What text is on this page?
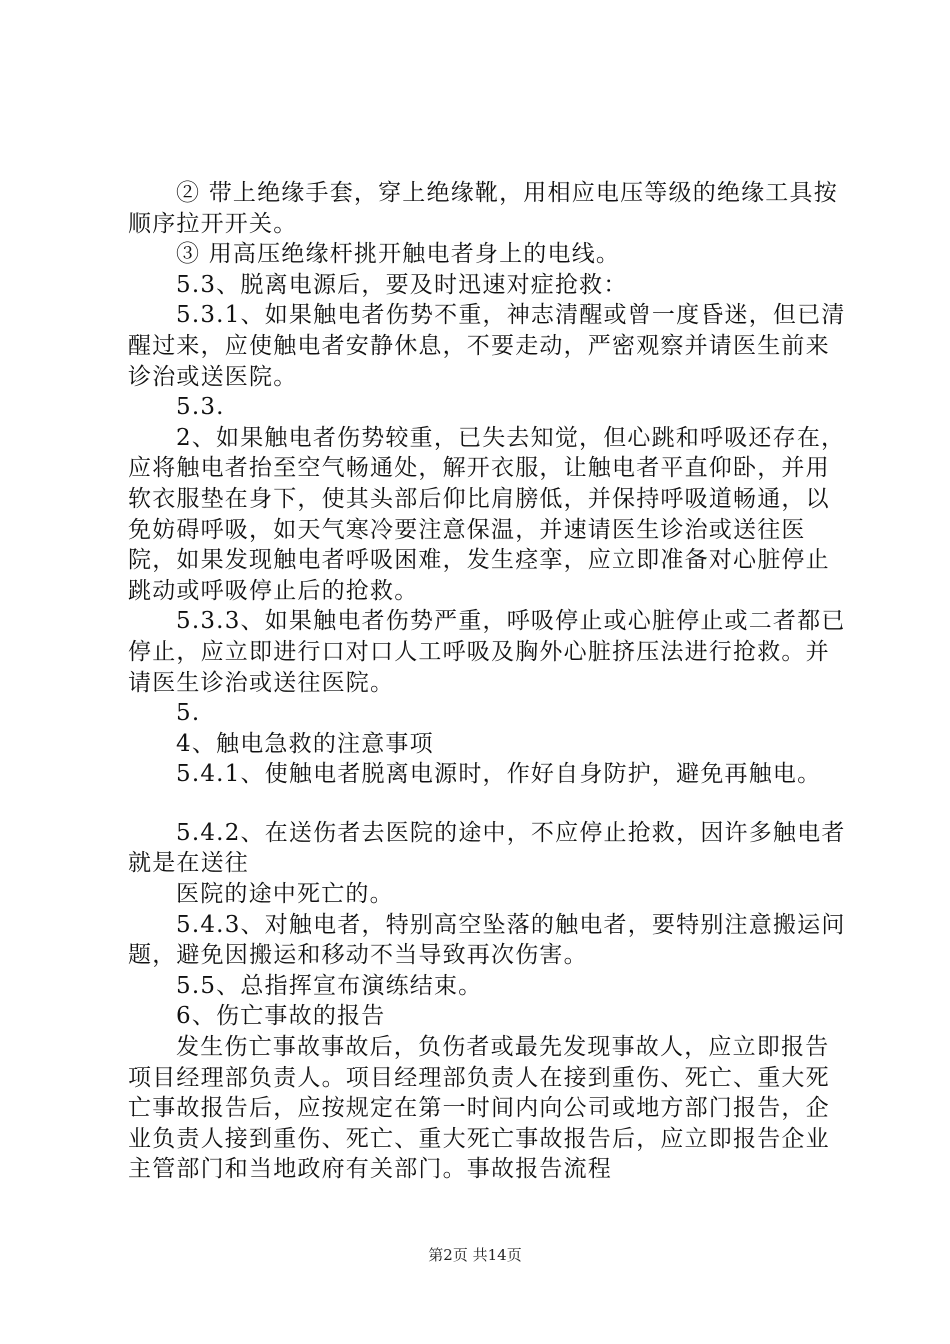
② 带上绝缘手套，穿上绝缘靴，用相应电压等级的绝缘工具按顺序拉开开关。

③ 用高压绝缘杆挑开触电者身上的电线。

5.3、脱离电源后，要及时迅速对症抢救：

5.3.1、如果触电者伤势不重，神志清醒或曾一度昏迷，但已清醒过来，应使触电者安静休息，不要走动，严密观察并请医生前来诊治或送医院。

5.3.

2、如果触电者伤势较重，已失去知觉，但心跳和呼吸还存在，应将触电者抬至空气畅通处，解开衣服，让触电者平直仰卧，并用软衣服垫在身下，使其头部后仰比肩膀低，并保持呼吸道畅通，以免妨碍呼吸，如天气寒冷要注意保温，并速请医生诊治或送往医院，如果发现触电者呼吸困难，发生痉挛，应立即准备对心脏停止跳动或呼吸停止后的抢救。

5.3.3、如果触电者伤势严重，呼吸停止或心脏停止或二者都已停止，应立即进行口对口人工呼吸及胸外心脏挤压法进行抢救。并请医生诊治或送往医院。

5.

4、触电急救的注意事项

5.4.1、使触电者脱离电源时，作好自身防护，避免再触电。

5.4.2、在送伤者去医院的途中，不应停止抢救，因许多触电者就是在送往

医院的途中死亡的。

5.4.3、对触电者，特别高空坠落的触电者，要特别注意搬运问题，避免因搬运和移动不当导致再次伤害。

5.5、总指挥宣布演练结束。

6、伤亡事故的报告

发生伤亡事故事故后，负伤者或最先发现事故人，应立即报告项目经理部负责人。项目经理部负责人在接到重伤、死亡、重大死亡事故报告后，应按规定在第一时间内向公司或地方部门报告，企业负责人接到重伤、死亡、重大死亡事故报告后，应立即报告企业主管部门和当地政府有关部门。事故报告流程

第2页 共14页
